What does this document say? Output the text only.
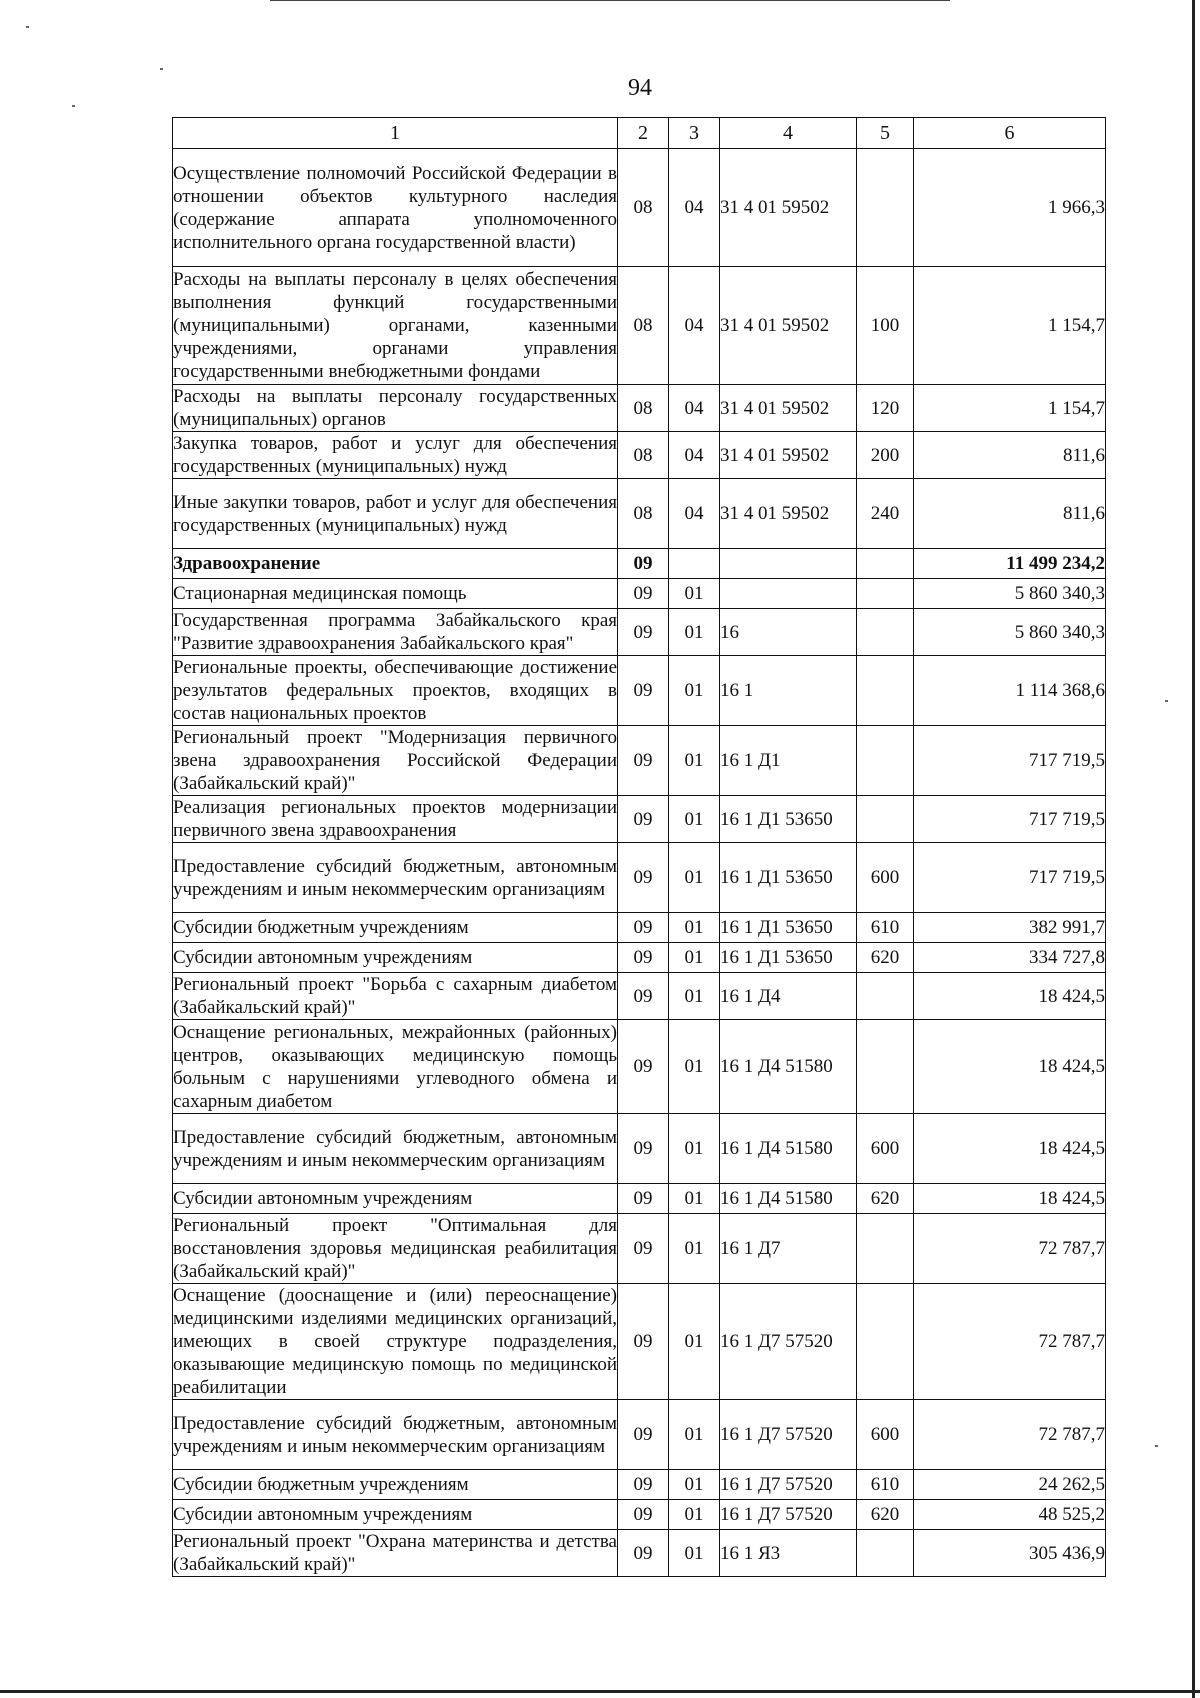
94
1	2	3	4	5	6
Осуществление полномочий Российской Федерации в отношении объектов культурного наследия (содержание аппарата уполномоченного исполнительного органа государственной власти)	08	04	31 4 01 59502		1 966,3
Расходы на выплаты персоналу в целях обеспечения выполнения функций государственными (муниципальными) органами, казенными учреждениями, органами управления государственными внебюджетными фондами	08	04	31 4 01 59502	100	1 154,7
Расходы на выплаты персоналу государственных (муниципальных) органов	08	04	31 4 01 59502	120	1 154,7
Закупка товаров, работ и услуг для обеспечения государственных (муниципальных) нужд	08	04	31 4 01 59502	200	811,6
Иные закупки товаров, работ и услуг для обеспечения государственных (муниципальных) нужд	08	04	31 4 01 59502	240	811,6
Здравоохранение	09				11 499 234,2
Стационарная медицинская помощь	09	01			5 860 340,3
Государственная программа Забайкальского края "Развитие здравоохранения Забайкальского края"	09	01	16		5 860 340,3
Региональные проекты, обеспечивающие достижение результатов федеральных проектов, входящих в состав национальных проектов	09	01	16 1		1 114 368,6
Региональный проект "Модернизация первичного звена здравоохранения Российской Федерации (Забайкальский край)"	09	01	16 1 Д1		717 719,5
Реализация региональных проектов модернизации первичного звена здравоохранения	09	01	16 1 Д1 53650		717 719,5
Предоставление субсидий бюджетным, автономным учреждениям и иным некоммерческим организациям	09	01	16 1 Д1 53650	600	717 719,5
Субсидии бюджетным учреждениям	09	01	16 1 Д1 53650	610	382 991,7
Субсидии автономным учреждениям	09	01	16 1 Д1 53650	620	334 727,8
Региональный проект "Борьба с сахарным диабетом (Забайкальский край)"	09	01	16 1 Д4		18 424,5
Оснащение региональных, межрайонных (районных) центров, оказывающих медицинскую помощь больным с нарушениями углеводного обмена и сахарным диабетом	09	01	16 1 Д4 51580		18 424,5
Предоставление субсидий бюджетным, автономным учреждениям и иным некоммерческим организациям	09	01	16 1 Д4 51580	600	18 424,5
Субсидии автономным учреждениям	09	01	16 1 Д4 51580	620	18 424,5
Региональный проект "Оптимальная для восстановления здоровья медицинская реабилитация (Забайкальский край)"	09	01	16 1 Д7		72 787,7
Оснащение (дооснащение и (или) переоснащение) медицинскими изделиями медицинских организаций, имеющих в своей структуре подразделения, оказывающие медицинскую помощь по медицинской реабилитации	09	01	16 1 Д7 57520		72 787,7
Предоставление субсидий бюджетным, автономным учреждениям и иным некоммерческим организациям	09	01	16 1 Д7 57520	600	72 787,7
Субсидии бюджетным учреждениям	09	01	16 1 Д7 57520	610	24 262,5
Субсидии автономным учреждениям	09	01	16 1 Д7 57520	620	48 525,2
Региональный проект "Охрана материнства и детства (Забайкальский край)"	09	01	16 1 Я3		305 436,9
